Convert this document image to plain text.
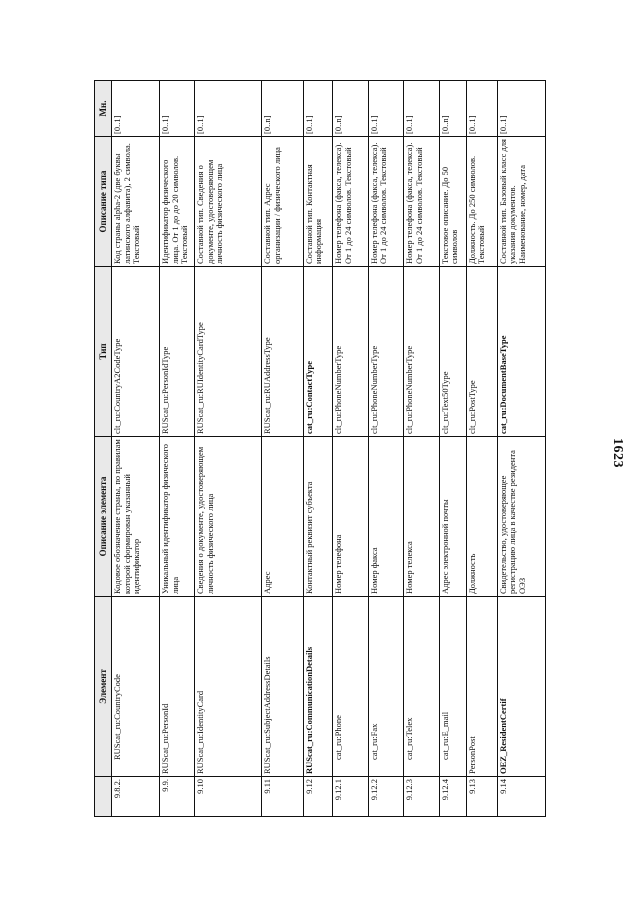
1623
	Элемент	Описание элемента	Тип	Описание типа	Мн.
9.8.2.	RUScat_ru:CountryCode	Кодовое обозначение страны, по правилам которой сформирован указанный идентификатор	clt_ru:CountryA2CodeType	Код страны alpha-2 (две буквы латинского алфавита), 2 символа. Текстовый	[0..1]
9.9.	RUScat_ru:PersonId	Уникальный идентификатор физического лица	RUScat_ru:PersonIdType	Идентификатор физического лица. От 1 до до 20 символов. Текстовый	[0..1]
9.10	RUScat_ru:IdentityCard	Сведения о документе, удостоверяющем личность физического лица	RUScat_ru:RUIdentityCardType	Составной тип. Сведения о документе, удостоверяющем личность физического лица	[0..1]
9.11	RUScat_ru:SubjectAddressDetails	Адрес	RUScat_ru:RUAddressType	Составной тип. Адрес организации / физического лица	[0..n]
9.12	RUScat_ru:CommunicationDetails	Контактный реквизит субъекта	cat_ru:ContactType	Составной тип. Контактная информация	[0..1]
9.12.1	cat_ru:Phone	Номер телефона	clt_ru:PhoneNumberType	Номер телефона (факса, телекса). От 1 до 24 символов. Текстовый	[0..n]
9.12.2	cat_ru:Fax	Номер факса	clt_ru:PhoneNumberType	Номер телефона (факса, телекса). От 1 до 24 символов. Текстовый	[0..1]
9.12.3	cat_ru:Telex	Номер телекса	clt_ru:PhoneNumberType	Номер телефона (факса, телекса). От 1 до 24 символов. Текстовый	[0..1]
9.12.4	cat_ru:E_mail	Адрес электронной почты	clt_ru:Text50Type	Текстовое описание. До 50 символов	[0..n]
9.13	PersonPost	Должность	clt_ru:PostType	Должность. До 250 символов. Текстовый	[0..1]
9.14	OEZ_ResidentCertif	Свидетельство, удостоверяющее регистрацию лица в качестве резидента ОЭЗ	cat_ru:DocumentBaseType	Составной тип. Базовый класс для указания документов. Наименование, номер, дата	[0..1]
